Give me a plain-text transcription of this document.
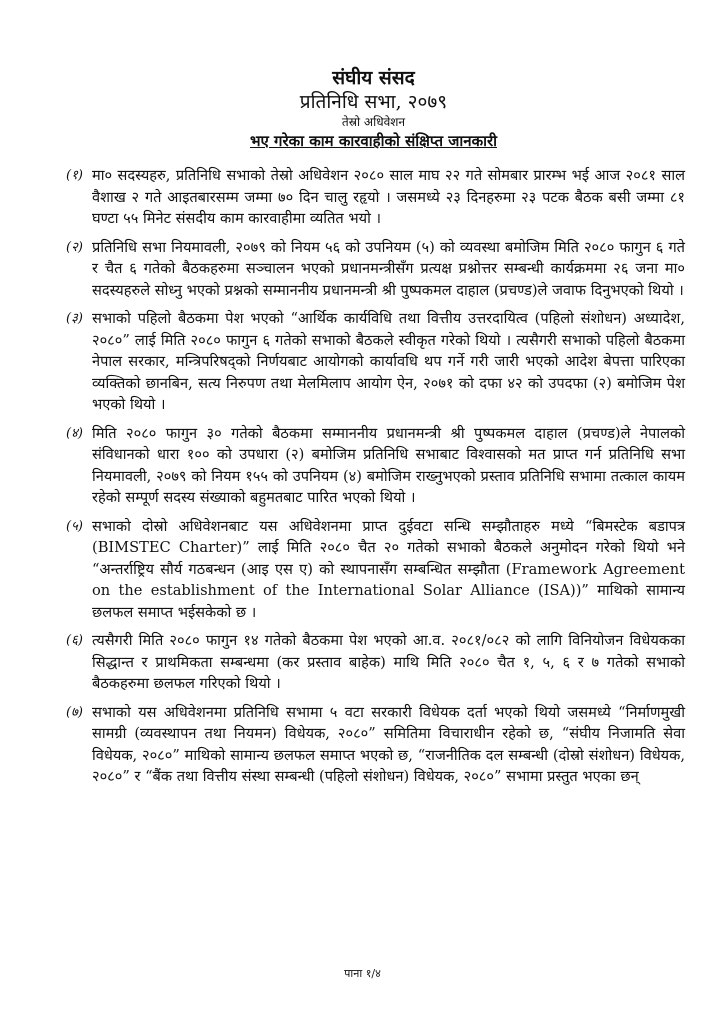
संघीय संसद
प्रतिनिधि सभा, २०७९
तेस्रो अधिवेशन
भए गरेका काम कारवाहीको संक्षिप्त जानकारी
(१) मा० सदस्यहरु, प्रतिनिधि सभाको तेस्रो अधिवेशन २०८० साल माघ २२ गते सोमबार प्रारम्भ भई आज २०८१ साल वैशाख २ गते आइतबारसम्म जम्मा ७० दिन चालु रहृयो । जसमध्ये २३ दिनहरुमा २३ पटक बैठक बसी जम्मा ८१ घण्टा ५५ मिनेट संसदीय काम कारवाहीमा व्यतित भयो ।
(२) प्रतिनिधि सभा नियमावली, २०७९ को नियम ५६ को उपनियम (५) को व्यवस्था बमोजिम मिति २०८० फागुन ६ गते र चैत ६ गतेको बैठकहरुमा सञ्चालन भएको प्रधानमन्त्रीसँग प्रत्यक्ष प्रश्नोत्तर सम्बन्धी कार्यक्रममा २६ जना मा० सदस्यहरुले सोध्नु भएको प्रश्नको सम्माननीय प्रधानमन्त्री श्री पुष्पकमल दाहाल (प्रचण्ड)ले जवाफ दिनुभएको थियो ।
(३) सभाको पहिलो बैठकमा पेश भएको “आर्थिक कार्यविधि तथा वित्तीय उत्तरदायित्व (पहिलो संशोधन) अध्यादेश, २०८०” लाई मिति २०८० फागुन ६ गतेको सभाको बैठकले स्वीकृत गरेको थियो । त्यसैगरी सभाको पहिलो बैठकमा नेपाल सरकार, मन्त्रिपरिषद्को निर्णयबाट आयोगको कार्यावधि थप गर्ने गरी जारी भएको आदेश बेपत्ता पारिएका व्यक्तिको छानबिन, सत्य निरुपण तथा मेलमिलाप आयोग ऐन, २०७१ को दफा ४२ को उपदफा (२) बमोजिम पेश भएको थियो ।
(४) मिति २०८० फागुन ३० गतेको बैठकमा सम्माननीय प्रधानमन्त्री श्री पुष्पकमल दाहाल (प्रचण्ड)ले नेपालको संविधानको धारा १०० को उपधारा (२) बमोजिम प्रतिनिधि सभाबाट विश्वासको मत प्राप्त गर्न प्रतिनिधि सभा नियमावली, २०७९ को नियम १५५ को उपनियम (४) बमोजिम राख्नुभएको प्रस्ताव प्रतिनिधि सभामा तत्काल कायम रहेको सम्पूर्ण सदस्य संख्याको बहुमतबाट पारित भएको थियो ।
(५) सभाको दोस्रो अधिवेशनबाट यस अधिवेशनमा प्राप्त दुईवटा सन्धि सम्झौताहरु मध्ये “बिमस्टेक बडापत्र (BIMSTEC Charter)” लाई मिति २०८० चैत २० गतेको सभाको बैठकले अनुमोदन गरेको थियो भने “अन्तर्राष्ट्रिय सौर्य गठबन्धन (आइ एस ए) को स्थापनासँग सम्बन्धित सम्झौता (Framework Agreement on the establishment of the International Solar Alliance (ISA))” माथिको सामान्य छलफल समाप्त भईसकेको छ ।
(६) त्यसैगरी मिति २०८० फागुन १४ गतेको बैठकमा पेश भएको आ.व. २०८१/०८२ को लागि विनियोजन विधेयकका सिद्धान्त र प्राथमिकता सम्बन्धमा (कर प्रस्ताव बाहेक) माथि मिति २०८० चैत १, ५, ६ र ७ गतेको सभाको बैठकहरुमा छलफल गरिएको थियो ।
(७) सभाको यस अधिवेशनमा प्रतिनिधि सभामा ५ वटा सरकारी विधेयक दर्ता भएको थियो जसमध्ये “निर्माणमुखी सामग्री (व्यवस्थापन तथा नियमन) विधेयक, २०८०” समितिमा विचाराधीन रहेको छ, “संघीय निजामति सेवा विधेयक, २०८०” माथिको सामान्य छलफल समाप्त भएको छ, “राजनीतिक दल सम्बन्धी (दोस्रो संशोधन) विधेयक, २०८०” र “बैंक तथा वित्तीय संस्था सम्बन्धी (पहिलो संशोधन) विधेयक, २०८०” सभामा प्रस्तुत भएका छन्
पाना १/४
